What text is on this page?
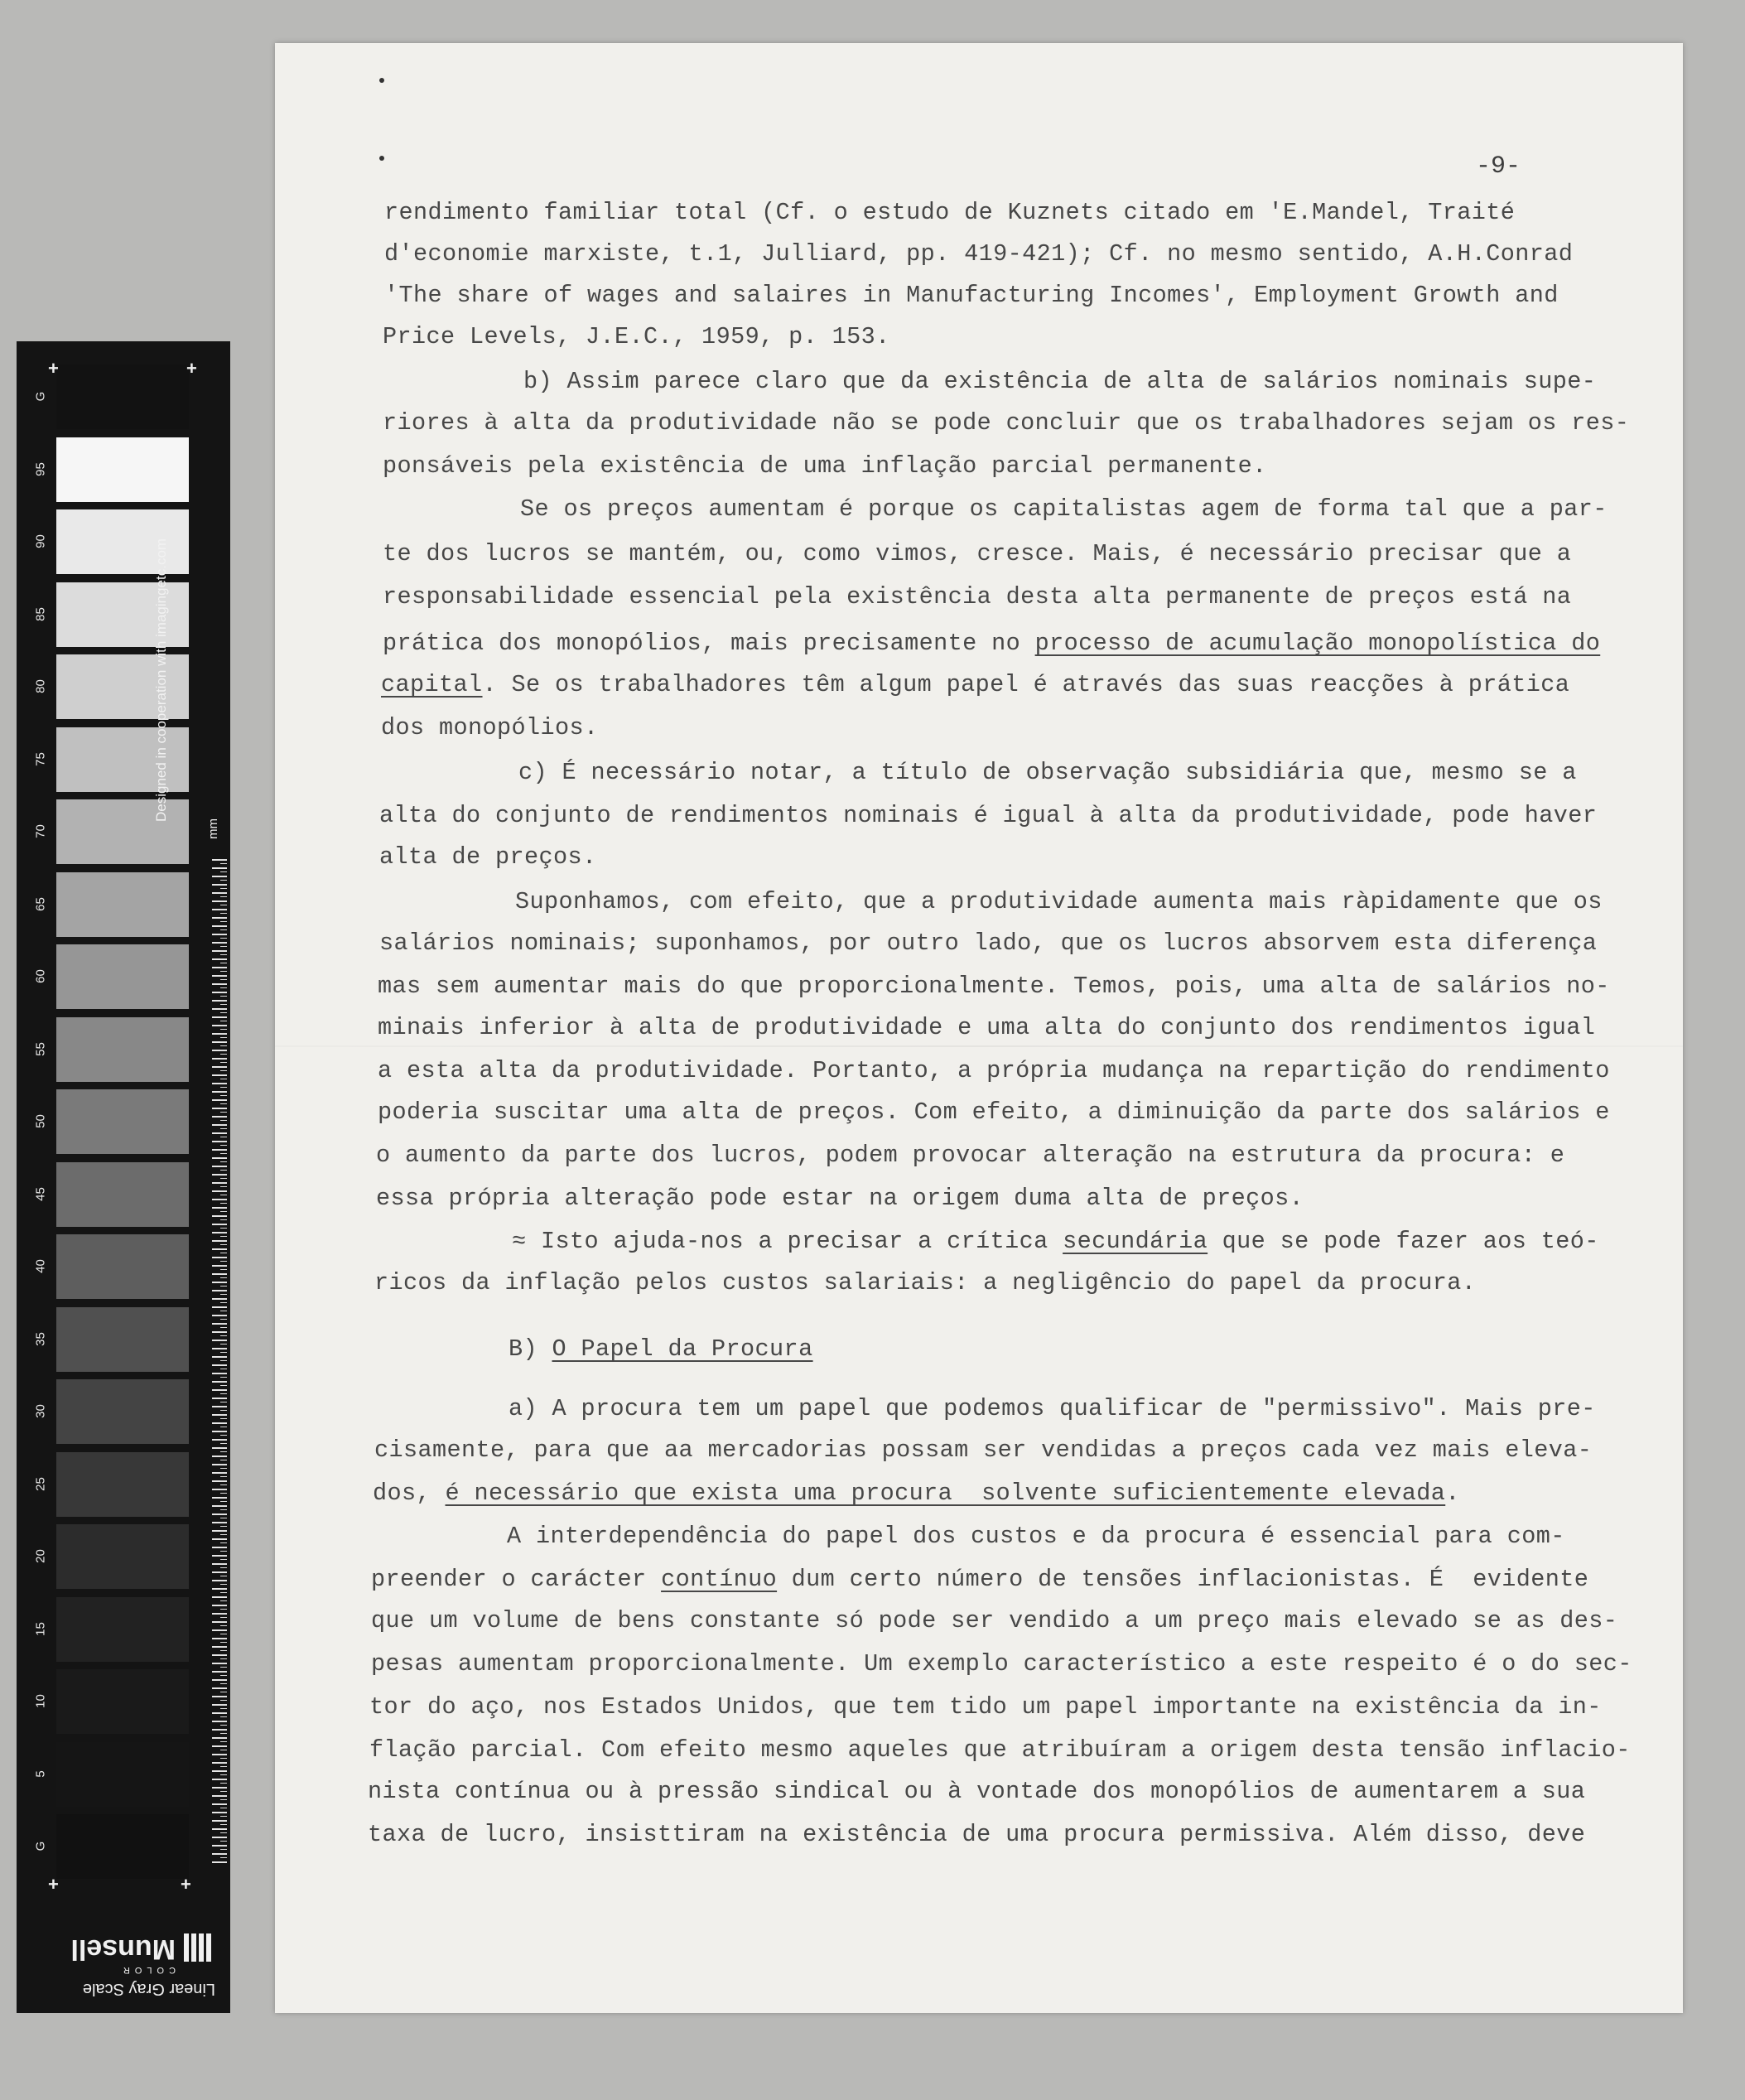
G
95
90
85
80
75
70
65
60
55
50
45
40
35
30
25
20
15
10
5
G
+	+
+	+
Designed in cooperation with imagingetc.com
mm
Linear Gray Scale
COLOR
Munsell
-9-
rendimento familiar total (Cf. o estudo de Kuznets citado em 'E.Mandel, Traité
d'economie marxiste, t.1, Julliard, pp. 419-421); Cf. no mesmo sentido, A.H.Conrad
'The share of wages and salaires in Manufacturing Incomes', Employment Growth and
Price Levels, J.E.C., 1959, p. 153.
b) Assim parece claro que da existência de alta de salários nominais supe-
riores à alta da produtividade não se pode concluir que os trabalhadores sejam os res-
ponsáveis pela existência de uma inflação parcial permanente.
Se os preços aumentam é porque os capitalistas agem de forma tal que a par-
te dos lucros se mantém, ou, como vimos, cresce. Mais, é necessário precisar que a
responsabilidade essencial pela existência desta alta permanente de preços está na
prática dos monopólios, mais precisamente no processo de acumulação monopolística do
capital. Se os trabalhadores têm algum papel é através das suas reacções à prática
dos monopólios.
c) É necessário notar, a título de observação subsidiária que, mesmo se a
alta do conjunto de rendimentos nominais é igual à alta da produtividade, pode haver
alta de preços.
Suponhamos, com efeito, que a produtividade aumenta mais ràpidamente que os
salários nominais; suponhamos, por outro lado, que os lucros absorvem esta diferença
mas sem aumentar mais do que proporcionalmente. Temos, pois, uma alta de salários no-
minais inferior à alta de produtividade e uma alta do conjunto dos rendimentos igual
a esta alta da produtividade. Portanto, a própria mudança na repartição do rendimento
poderia suscitar uma alta de preços. Com efeito, a diminuição da parte dos salários e
o aumento da parte dos lucros, podem provocar alteração na estrutura da procura: e
essa própria alteração pode estar na origem duma alta de preços.
≈ Isto ajuda-nos a precisar a crítica secundária que se pode fazer aos teó-
ricos da inflação pelos custos salariais: a negligêncio do papel da procura.
B) O Papel da Procura
a) A procura tem um papel que podemos qualificar de "permissivo". Mais pre-
cisamente, para que aa mercadorias possam ser vendidas a preços cada vez mais eleva-
dos, é necessário que exista uma procura  solvente suficientemente elevada.
A interdependência do papel dos custos e da procura é essencial para com-
preender o carácter contínuo dum certo número de tensões inflacionistas. É  evidente
que um volume de bens constante só pode ser vendido a um preço mais elevado se as des-
pesas aumentam proporcionalmente. Um exemplo característico a este respeito é o do sec-
tor do aço, nos Estados Unidos, que tem tido um papel importante na existência da in-
flação parcial. Com efeito mesmo aqueles que atribuíram a origem desta tensão inflacio-
nista contínua ou à pressão sindical ou à vontade dos monopólios de aumentarem a sua
taxa de lucro, insisttiram na existência de uma procura permissiva. Além disso, deve
